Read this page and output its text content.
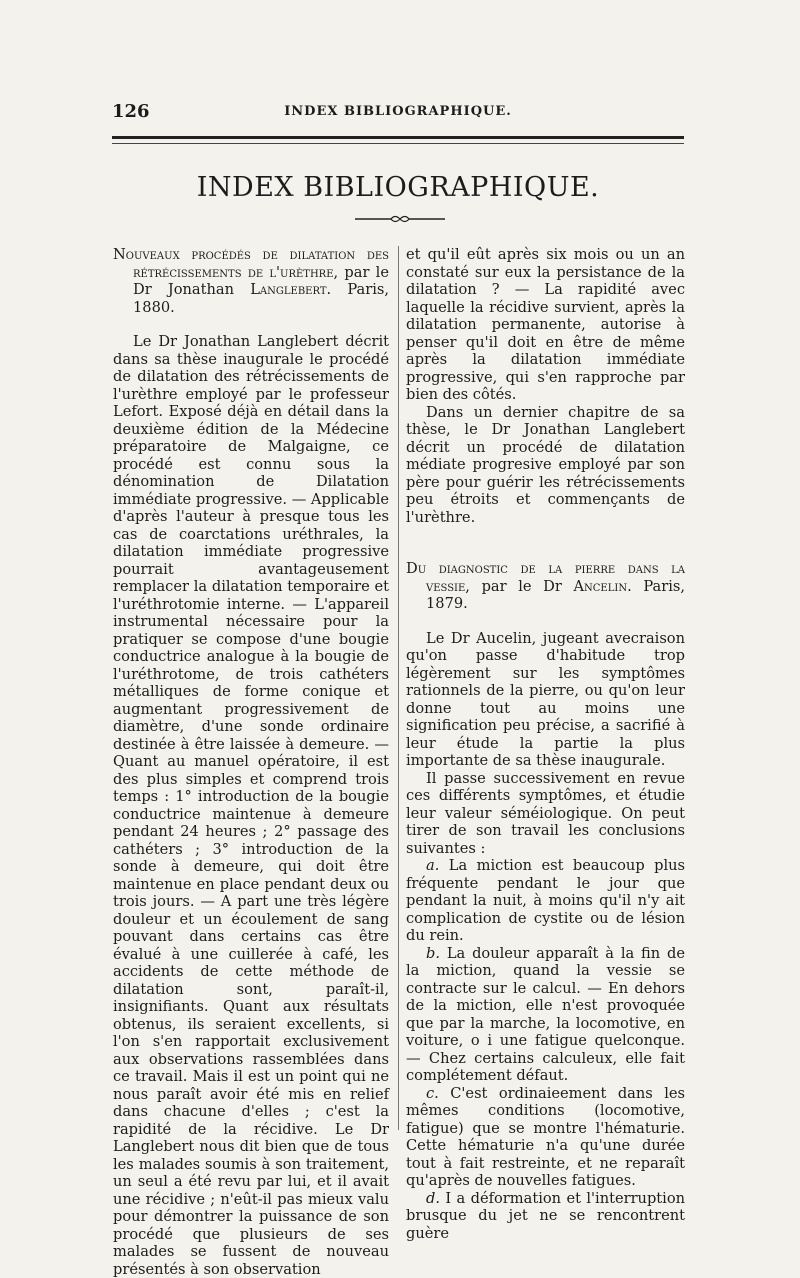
126	INDEX BIBLIOGRAPHIQUE.
INDEX BIBLIOGRAPHIQUE.

Nouveaux procédés de dilatation des rétrécissements de l'urèthre, par le Dr Jonathan Langlebert. Paris, 1880.

Le Dr Jonathan Langlebert décrit dans sa thèse inaugurale le procédé de dilatation des rétrécissements de l'urèthre employé par le professeur Lefort. Exposé déjà en détail dans la deuxième édition de la Médecine préparatoire de Malgaigne, ce procédé est connu sous la dénomination de Dilatation immédiate progressive. — Applicable d'après l'auteur à presque tous les cas de coarctations uréthrales, la dilatation immédiate progressive pourrait avantageusement remplacer la dilatation temporaire et l'uréthrotomie interne. — L'appareil instrumental nécessaire pour la pratiquer se compose d'une bougie conductrice analogue à la bougie de l'uréthrotome, de trois cathéters métalliques de forme conique et augmentant progressivement de diamètre, d'une sonde ordinaire destinée à être laissée à demeure. — Quant au manuel opératoire, il est des plus simples et comprend trois temps : 1° introduction de la bougie conductrice maintenue à demeure pendant 24 heures ; 2° passage des cathéters ; 3° introduction de la sonde à demeure, qui doit être maintenue en place pendant deux ou trois jours. — A part une très légère douleur et un écoulement de sang pouvant dans certains cas être évalué à une cuillerée à café, les accidents de cette méthode de dilatation sont, paraît-il, insignifiants. Quant aux résultats obtenus, ils seraient excellents, si l'on s'en rapportait exclusivement aux observations rassemblées dans ce travail. Mais il est un point qui ne nous paraît avoir été mis en relief dans chacune d'elles ; c'est la rapidité de la récidive. Le Dr Langlebert nous dit bien que de tous les malades soumis à son traitement, un seul a été revu par lui, et il avait une récidive ; n'eût-il pas mieux valu pour démontrer la puissance de son procédé que plusieurs de ses malades se fussent de nouveau présentés à son observation

et qu'il eût après six mois ou un an constaté sur eux la persistance de la dilatation ? — La rapidité avec laquelle la récidive survient, après la dilatation permanente, autorise à penser qu'il doit en être de même après la dilatation immédiate progressive, qui s'en rapproche par bien des côtés.

Dans un dernier chapitre de sa thèse, le Dr Jonathan Langlebert décrit un procédé de dilatation médiate progresive employé par son père pour guérir les rétrécissements peu étroits et commençants de l'urèthre.

Du diagnostic de la pierre dans la vessie, par le Dr Ancelin. Paris, 1879.

Le Dr Aucelin, jugeant avecraison qu'on passe d'habitude trop légèrement sur les symptômes rationnels de la pierre, ou qu'on leur donne tout au moins une signification peu précise, a sacrifié à leur étude la partie la plus importante de sa thèse inaugurale.

Il passe successivement en revue ces différents symptômes, et étudie leur valeur séméiologique. On peut tirer de son travail les conclusions suivantes :

a. La miction est beaucoup plus fréquente pendant le jour que pendant la nuit, à moins qu'il n'y ait complication de cystite ou de lésion du rein.

b. La douleur apparaît à la fin de la miction, quand la vessie se contracte sur le calcul. — En dehors de la miction, elle n'est provoquée que par la marche, la locomotive, en voiture, o i une fatigue quelconque. — Chez certains calculeux, elle fait complétement défaut.

c. C'est ordinaieement dans les mêmes conditions (locomotive, fatigue) que se montre l'hématurie. Cette hématurie n'a qu'une durée tout à fait restreinte, et ne reparaît qu'après de nouvelles fatigues.

d. I a déformation et l'interruption brusque du jet ne se rencontrent guère
